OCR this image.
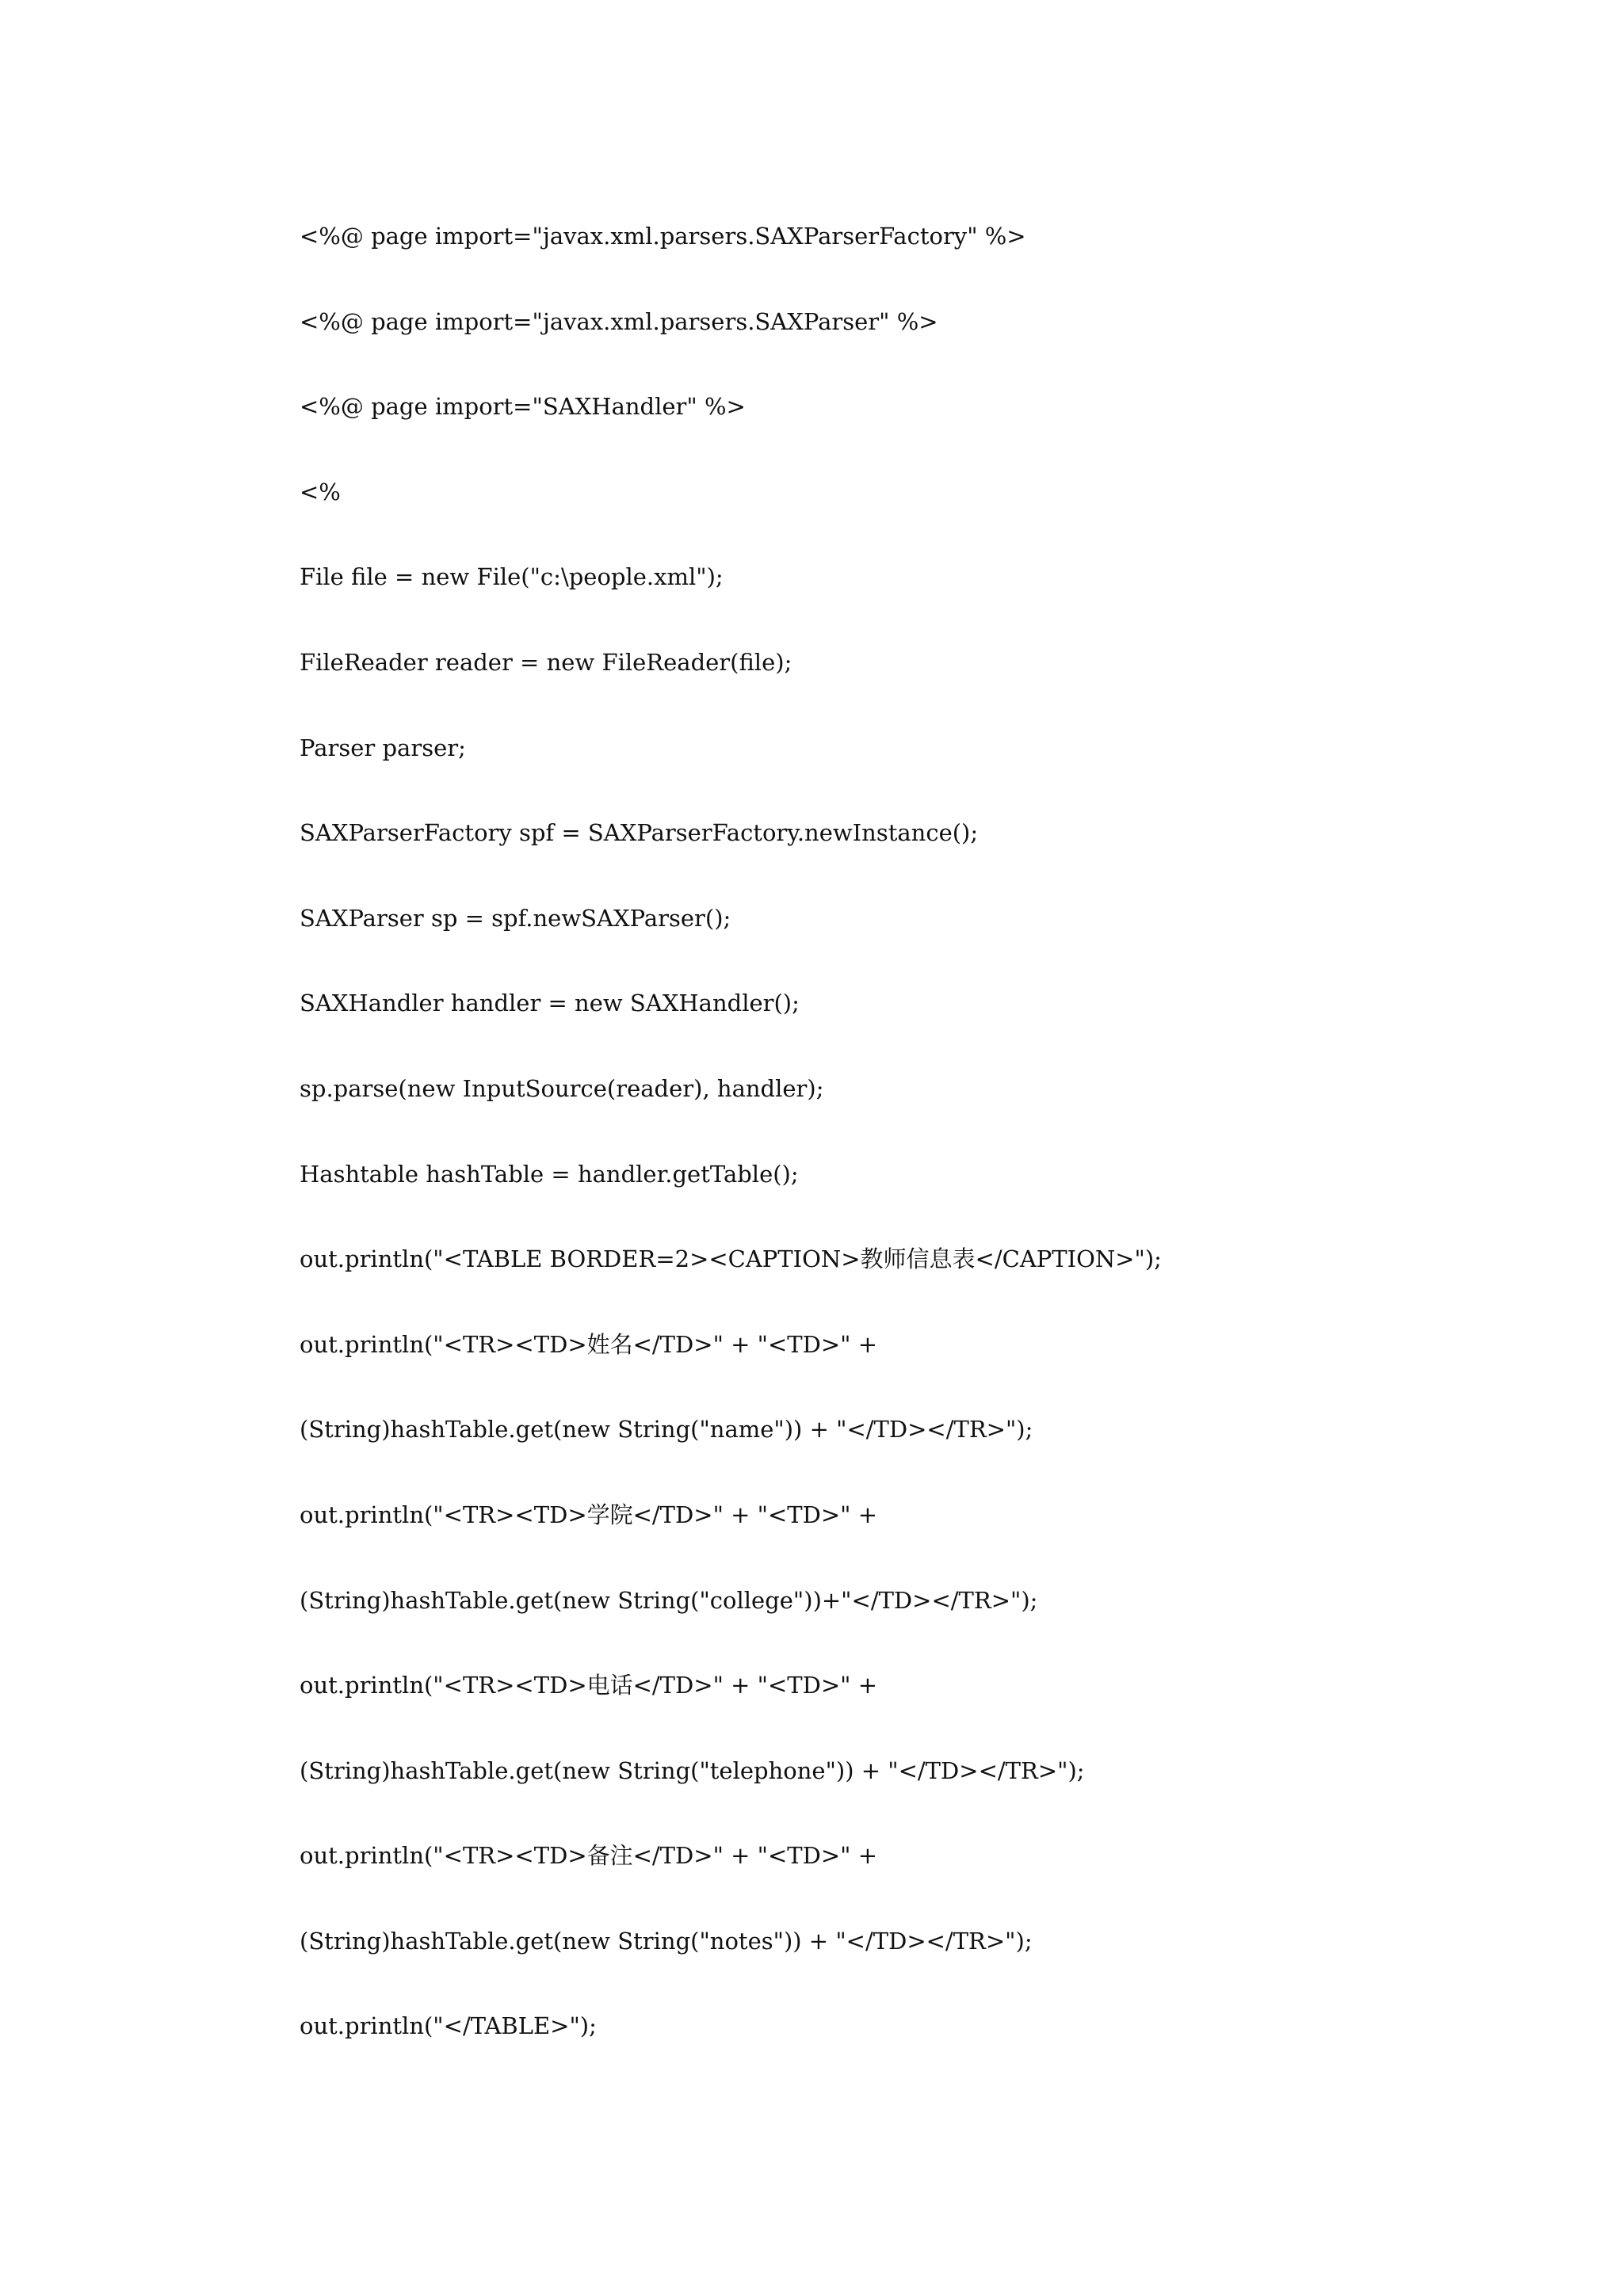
<%@ page import="javax.xml.parsers.SAXParserFactory" %>
<%@ page import="javax.xml.parsers.SAXParser" %>
<%@ page import="SAXHandler" %>
<%
File file = new File("c:\people.xml");
FileReader reader = new FileReader(file);
Parser parser;
SAXParserFactory spf = SAXParserFactory.newInstance();
SAXParser sp = spf.newSAXParser();
SAXHandler handler = new SAXHandler();
sp.parse(new InputSource(reader), handler);
Hashtable hashTable = handler.getTable();
out.println("<TABLE BORDER=2><CAPTION>教师信息表</CAPTION>");
out.println("<TR><TD>姓名</TD>" + "<TD>" +
(String)hashTable.get(new String("name")) + "</TD></TR>");
out.println("<TR><TD>学院</TD>" + "<TD>" +
(String)hashTable.get(new String("college"))+"</TD></TR>");
out.println("<TR><TD>电话</TD>" + "<TD>" +
(String)hashTable.get(new String("telephone")) + "</TD></TR>");
out.println("<TR><TD>备注</TD>" + "<TD>" +
(String)hashTable.get(new String("notes")) + "</TD></TR>");
out.println("</TABLE>");
